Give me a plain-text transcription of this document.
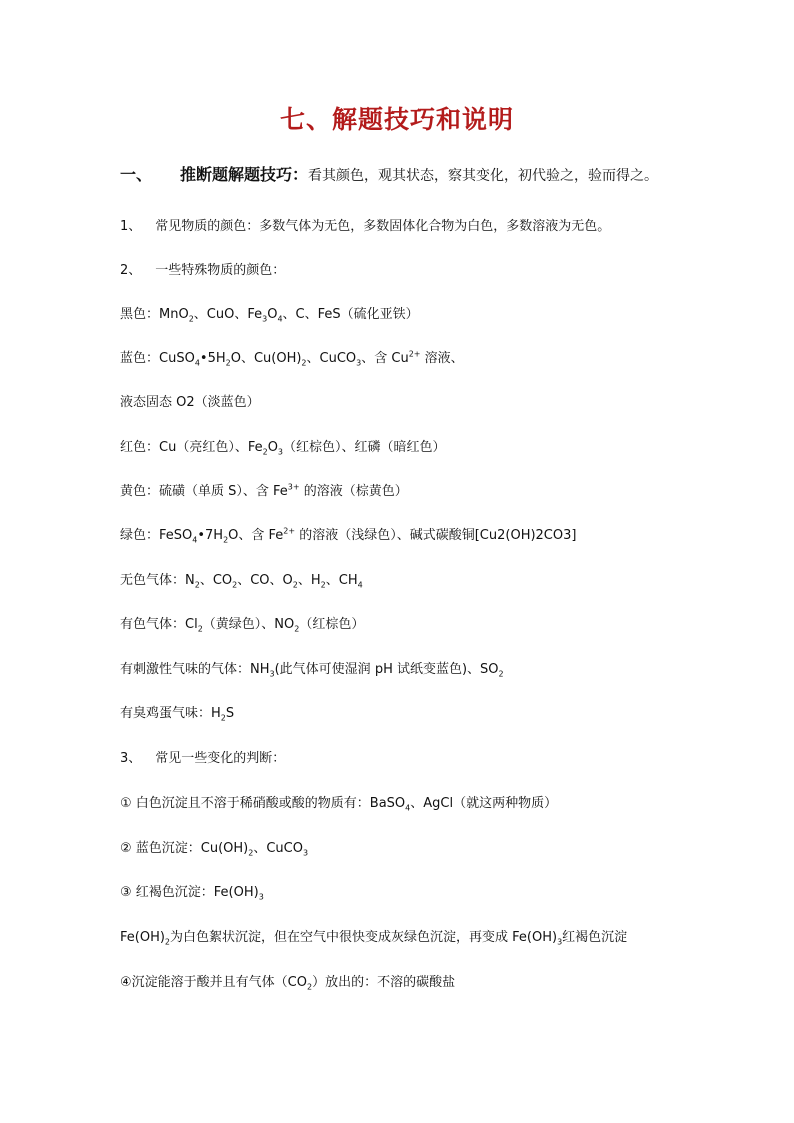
七、解题技巧和说明
一、 推断题解题技巧：看其颜色，观其状态，察其变化，初代验之，验而得之。
1、 常见物质的颜色：多数气体为无色，多数固体化合物为白色，多数溶液为无色。
2、 一些特殊物质的颜色：
黑色：MnO$_2$、CuO、$Fe_3O_4$、C、FeS（硫化亚铁）
蓝色：$CuSO_4•5H_2O$、$Cu(OH)_2$、CuCO$_3$、含 $Cu^{2+}$ 溶液、
液态固态 O2（淡蓝色）
红色：Cu（亮红色）、$Fe_2O_3$（红棕色）、红磷（暗红色）
黄色：硫磺（单质 S）、含 $Fe^{3+}$ 的溶液（棕黄色）
绿色：$FeSO_4•7H_2O$、含 $Fe^{2+}$ 的溶液（浅绿色）、碱式碳酸铜[Cu2(OH)2CO3]
无色气体：$N_2$、$CO_2$、CO、$O_2$、$H_2$、$CH_4$
有色气体：$Cl_2$（黄绿色）、$NO_2$（红棕色）
有刺激性气味的气体：$NH_3$(此气体可使湿润 pH 试纸变蓝色)、$SO_2$
有臭鸡蛋气味：$H_2S$
3、 常见一些变化的判断：
① 白色沉淀且不溶于稀硝酸或酸的物质有：BaSO$_4$、AgCl（就这两种物质）
② 蓝色沉淀：$Cu(OH)_2$、CuCO$_3$
③ 红褐色沉淀：$Fe(OH)_3$
$Fe(OH)_2$为白色絮状沉淀，但在空气中很快变成灰绿色沉淀，再变成 $Fe(OH)_3$红褐色沉淀
④沉淀能溶于酸并且有气体$(CO_2)$放出的：不溶的碳酸盐
